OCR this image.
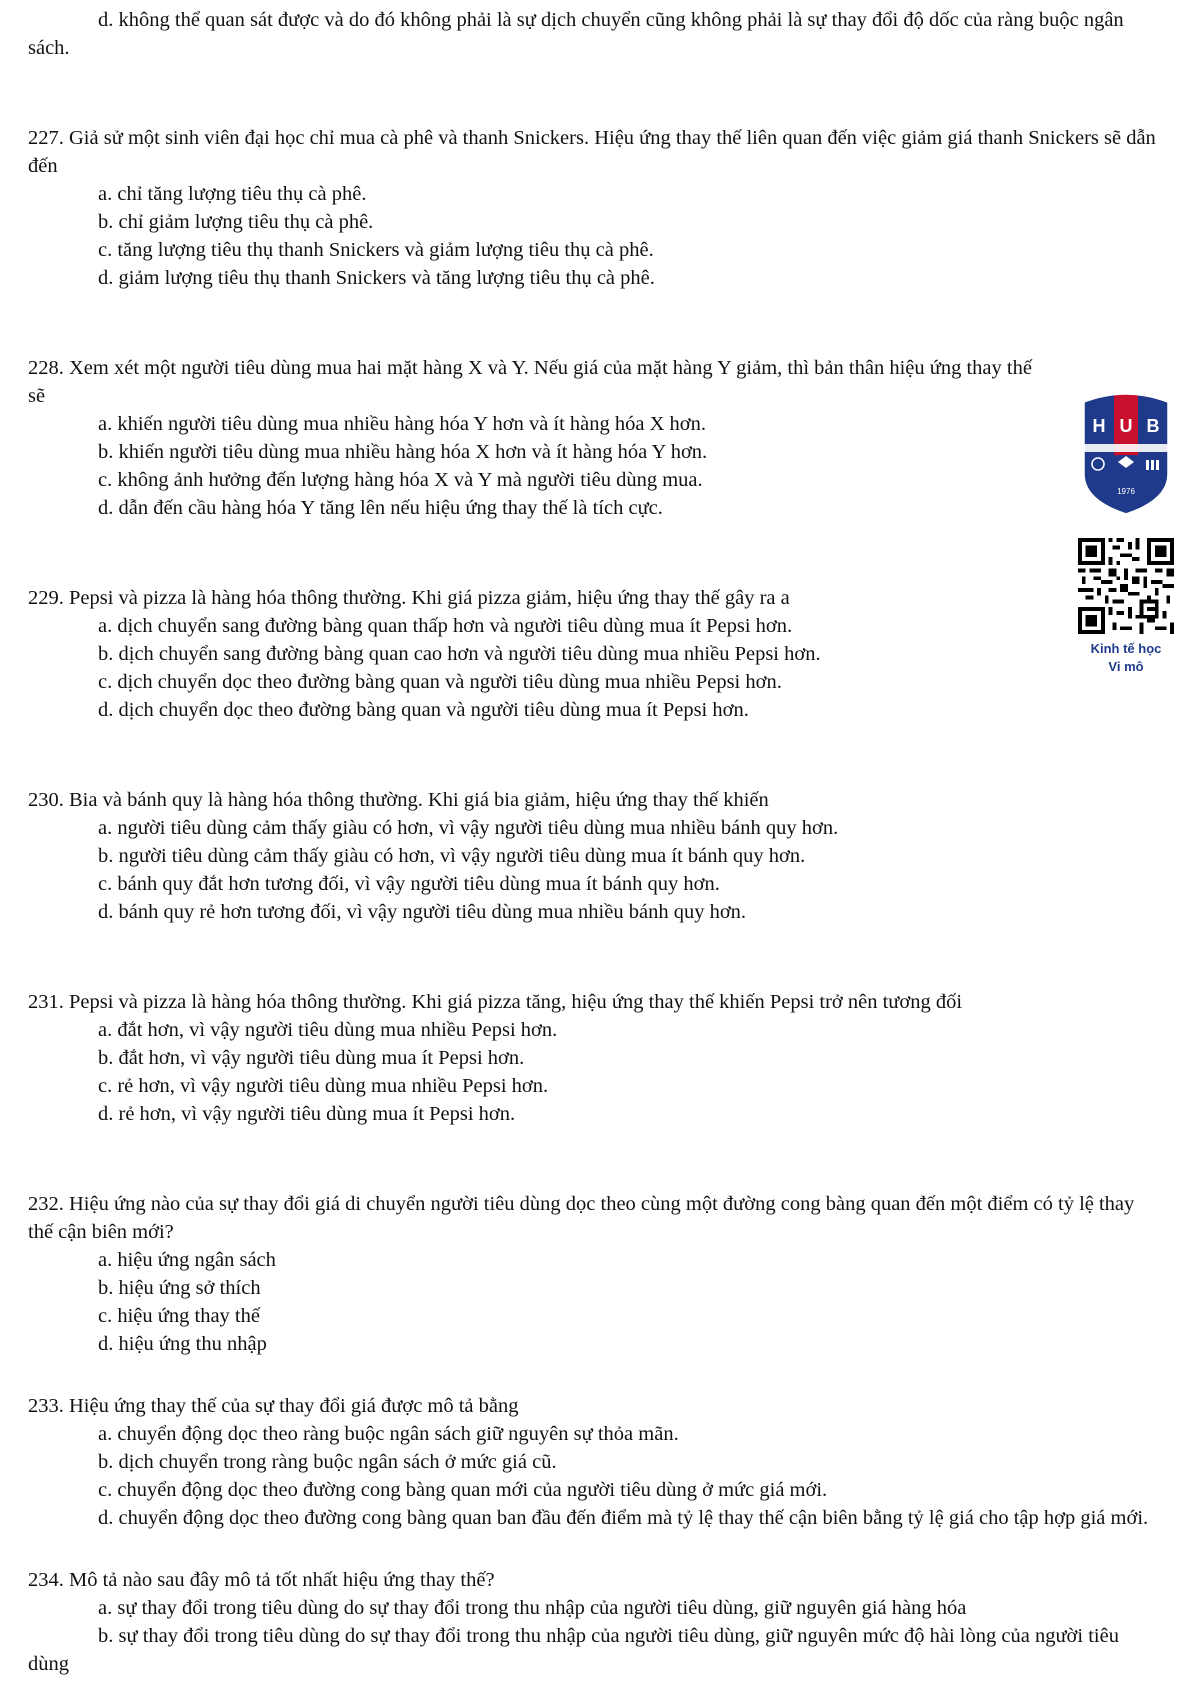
d. không thể quan sát được và do đó không phải là sự dịch chuyển cũng không phải là sự thay đổi độ dốc của ràng buộc ngân sách.
227. Giả sử một sinh viên đại học chỉ mua cà phê và thanh Snickers. Hiệu ứng thay thế liên quan đến việc giảm giá thanh Snickers sẽ dẫn đến
a. chỉ tăng lượng tiêu thụ cà phê.
b. chỉ giảm lượng tiêu thụ cà phê.
c. tăng lượng tiêu thụ thanh Snickers và giảm lượng tiêu thụ cà phê.
d. giảm lượng tiêu thụ thanh Snickers và tăng lượng tiêu thụ cà phê.
228. Xem xét một người tiêu dùng mua hai mặt hàng X và Y. Nếu giá của mặt hàng Y giảm, thì bản thân hiệu ứng thay thế sẽ
a. khiến người tiêu dùng mua nhiều hàng hóa Y hơn và ít hàng hóa X hơn.
b. khiến người tiêu dùng mua nhiều hàng hóa X hơn và ít hàng hóa Y hơn.
c. không ảnh hưởng đến lượng hàng hóa X và Y mà người tiêu dùng mua.
d. dẫn đến cầu hàng hóa Y tăng lên nếu hiệu ứng thay thế là tích cực.
229. Pepsi và pizza là hàng hóa thông thường. Khi giá pizza giảm, hiệu ứng thay thế gây ra a
a. dịch chuyển sang đường bàng quan thấp hơn và người tiêu dùng mua ít Pepsi hơn.
b. dịch chuyển sang đường bàng quan cao hơn và người tiêu dùng mua nhiều Pepsi hơn.
c. dịch chuyển dọc theo đường bàng quan và người tiêu dùng mua nhiều Pepsi hơn.
d. dịch chuyển dọc theo đường bàng quan và người tiêu dùng mua ít Pepsi hơn.
230. Bia và bánh quy là hàng hóa thông thường. Khi giá bia giảm, hiệu ứng thay thế khiến
a. người tiêu dùng cảm thấy giàu có hơn, vì vậy người tiêu dùng mua nhiều bánh quy hơn.
b. người tiêu dùng cảm thấy giàu có hơn, vì vậy người tiêu dùng mua ít bánh quy hơn.
c. bánh quy đắt hơn tương đối, vì vậy người tiêu dùng mua ít bánh quy hơn.
d. bánh quy rẻ hơn tương đối, vì vậy người tiêu dùng mua nhiều bánh quy hơn.
231. Pepsi và pizza là hàng hóa thông thường. Khi giá pizza tăng, hiệu ứng thay thế khiến Pepsi trở nên tương đối
a. đắt hơn, vì vậy người tiêu dùng mua nhiều Pepsi hơn.
b. đắt hơn, vì vậy người tiêu dùng mua ít Pepsi hơn.
c. rẻ hơn, vì vậy người tiêu dùng mua nhiều Pepsi hơn.
d. rẻ hơn, vì vậy người tiêu dùng mua ít Pepsi hơn.
232. Hiệu ứng nào của sự thay đổi giá di chuyển người tiêu dùng dọc theo cùng một đường cong bàng quan đến một điểm có tỷ lệ thay thế cận biên mới?
a. hiệu ứng ngân sách
b. hiệu ứng sở thích
c. hiệu ứng thay thế
d. hiệu ứng thu nhập
233. Hiệu ứng thay thế của sự thay đổi giá được mô tả bằng
a. chuyển động dọc theo ràng buộc ngân sách giữ nguyên sự thỏa mãn.
b. dịch chuyển trong ràng buộc ngân sách ở mức giá cũ.
c. chuyển động dọc theo đường cong bàng quan mới của người tiêu dùng ở mức giá mới.
d. chuyển động dọc theo đường cong bàng quan ban đầu đến điểm mà tỷ lệ thay thế cận biên bằng tỷ lệ giá cho tập hợp giá mới.
234. Mô tả nào sau đây mô tả tốt nhất hiệu ứng thay thế?
a. sự thay đổi trong tiêu dùng do sự thay đổi trong thu nhập của người tiêu dùng, giữ nguyên giá hàng hóa
b. sự thay đổi trong tiêu dùng do sự thay đổi trong thu nhập của người tiêu dùng, giữ nguyên mức độ hài lòng của người tiêu dùng
H U B
1976
Kinh tế học
Vi mô
